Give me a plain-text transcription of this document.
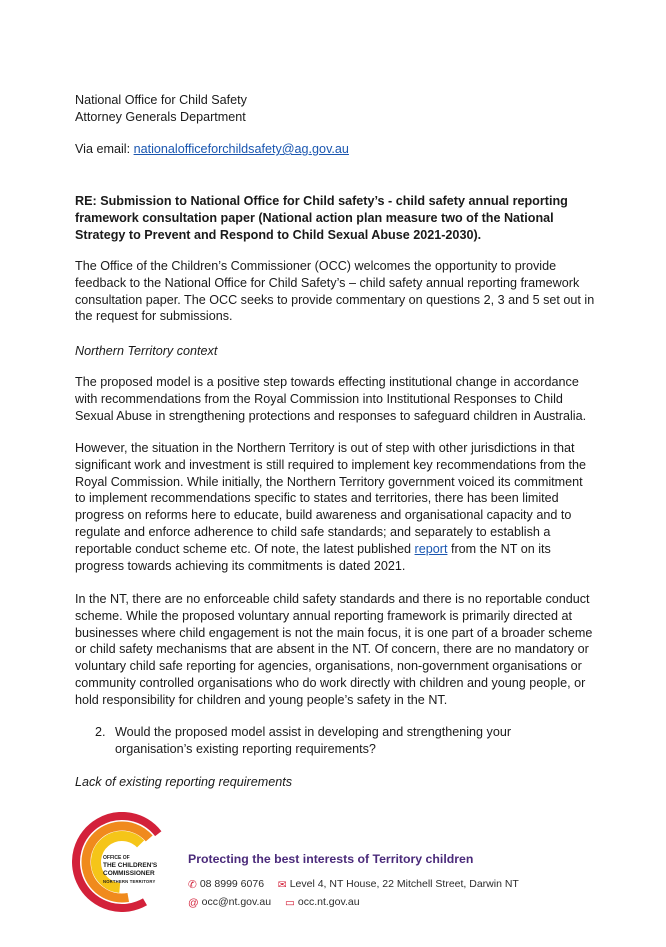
National Office for Child Safety
Attorney Generals Department

Via email: nationalofficeforchildsafety@ag.gov.au

RE: Submission to National Office for Child safety’s - child safety annual reporting framework consultation paper (National action plan measure two of the National Strategy to Prevent and Respond to Child Sexual Abuse 2021-2030).

The Office of the Children’s Commissioner (OCC) welcomes the opportunity to provide feedback to the National Office for Child Safety’s – child safety annual reporting framework consultation paper. The OCC seeks to provide commentary on questions 2, 3 and 5 set out in the request for submissions.

Northern Territory context

The proposed model is a positive step towards effecting institutional change in accordance with recommendations from the Royal Commission into Institutional Responses to Child Sexual Abuse in strengthening protections and responses to safeguard children in Australia.

However, the situation in the Northern Territory is out of step with other jurisdictions in that significant work and investment is still required to implement key recommendations from the Royal Commission. While initially, the Northern Territory government voiced its commitment to implement recommendations specific to states and territories, there has been limited progress on reforms here to educate, build awareness and organisational capacity and to regulate and enforce adherence to child safe standards; and separately to establish a reportable conduct scheme etc. Of note, the latest published report from the NT on its progress towards achieving its commitments is dated 2021.

In the NT, there are no enforceable child safety standards and there is no reportable conduct scheme. While the proposed voluntary annual reporting framework is primarily directed at businesses where child engagement is not the main focus, it is one part of a broader scheme or child safety mechanisms that are absent in the NT. Of concern, there are no mandatory or voluntary child safe reporting for agencies, organisations, non-government organisations or community controlled organisations who do work directly with children and young people, or hold responsibility for children and young people’s safety in the NT.

2. Would the proposed model assist in developing and strengthening your organisation’s existing reporting requirements?

Lack of existing reporting requirements

OFFICE OF
THE CHILDREN'S
COMMISSIONER
NORTHERN TERRITORY
Protecting the best interests of Territory children
✆ 08 8999 6076 ✉ Level 4, NT House, 22 Mitchell Street, Darwin NT
@ occ@nt.gov.au ▭ occ.nt.gov.au
